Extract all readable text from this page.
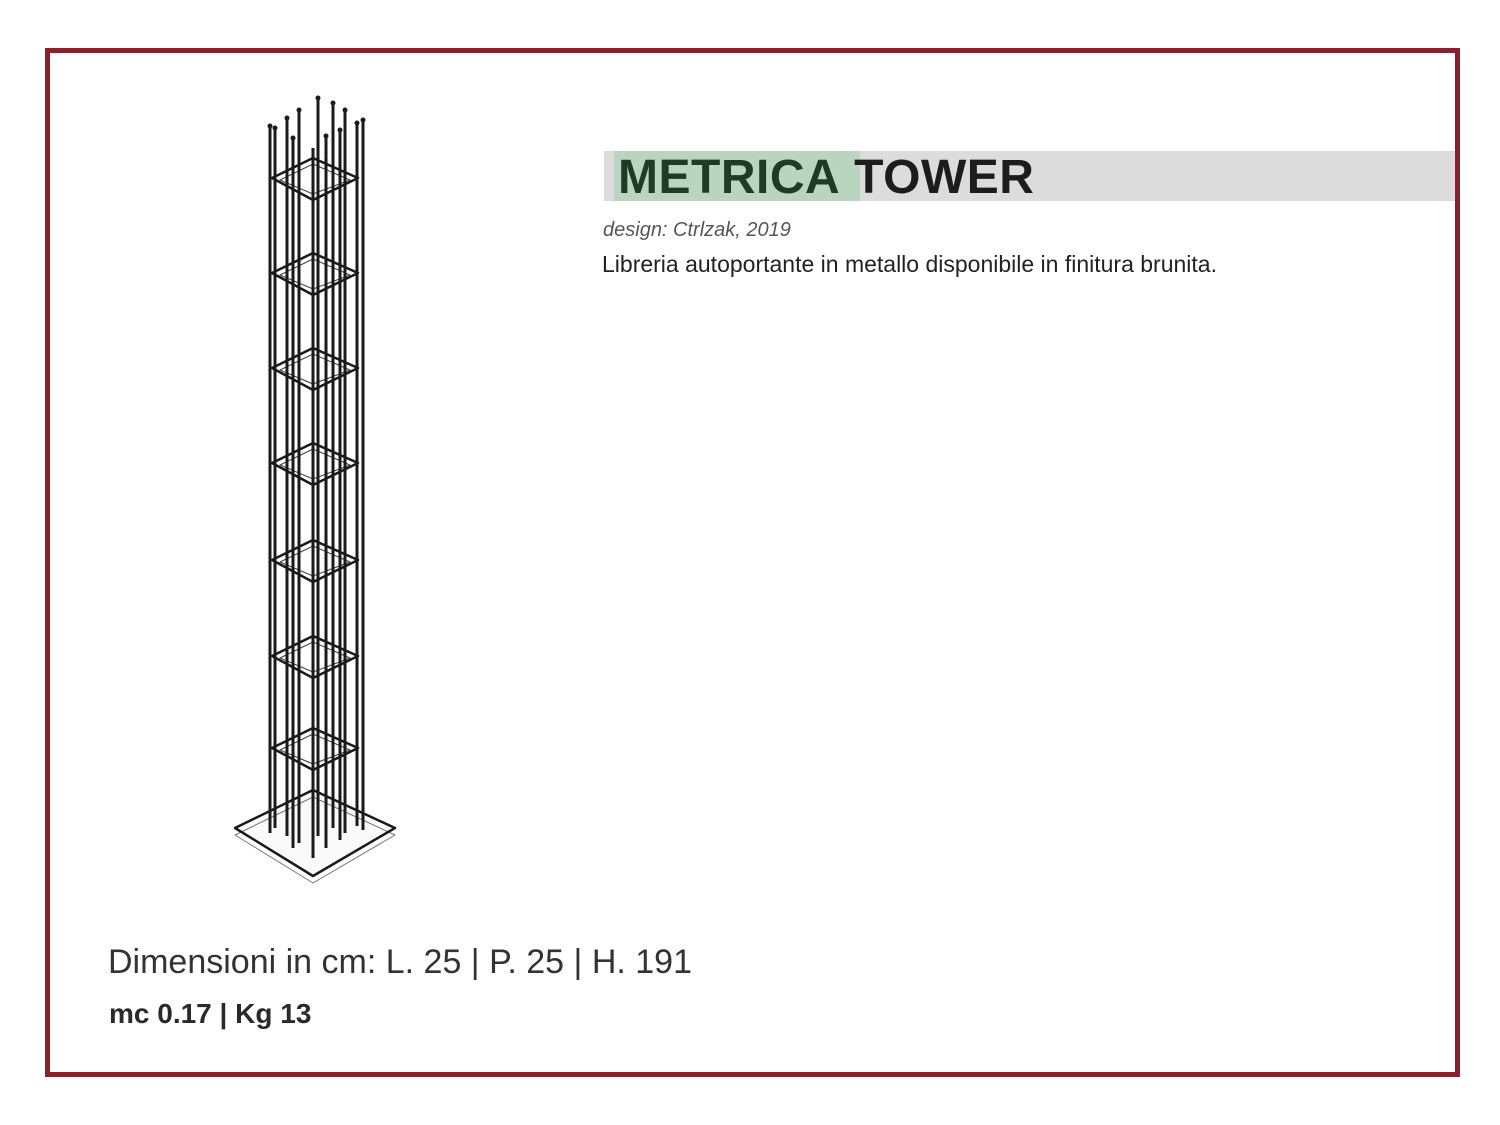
METRICA TOWER
design: Ctrlzak, 2019
Libreria autoportante in metallo disponibile in finitura brunita.
Dimensioni in cm: L. 25 | P. 25 | H. 191
mc 0.17 | Kg 13
